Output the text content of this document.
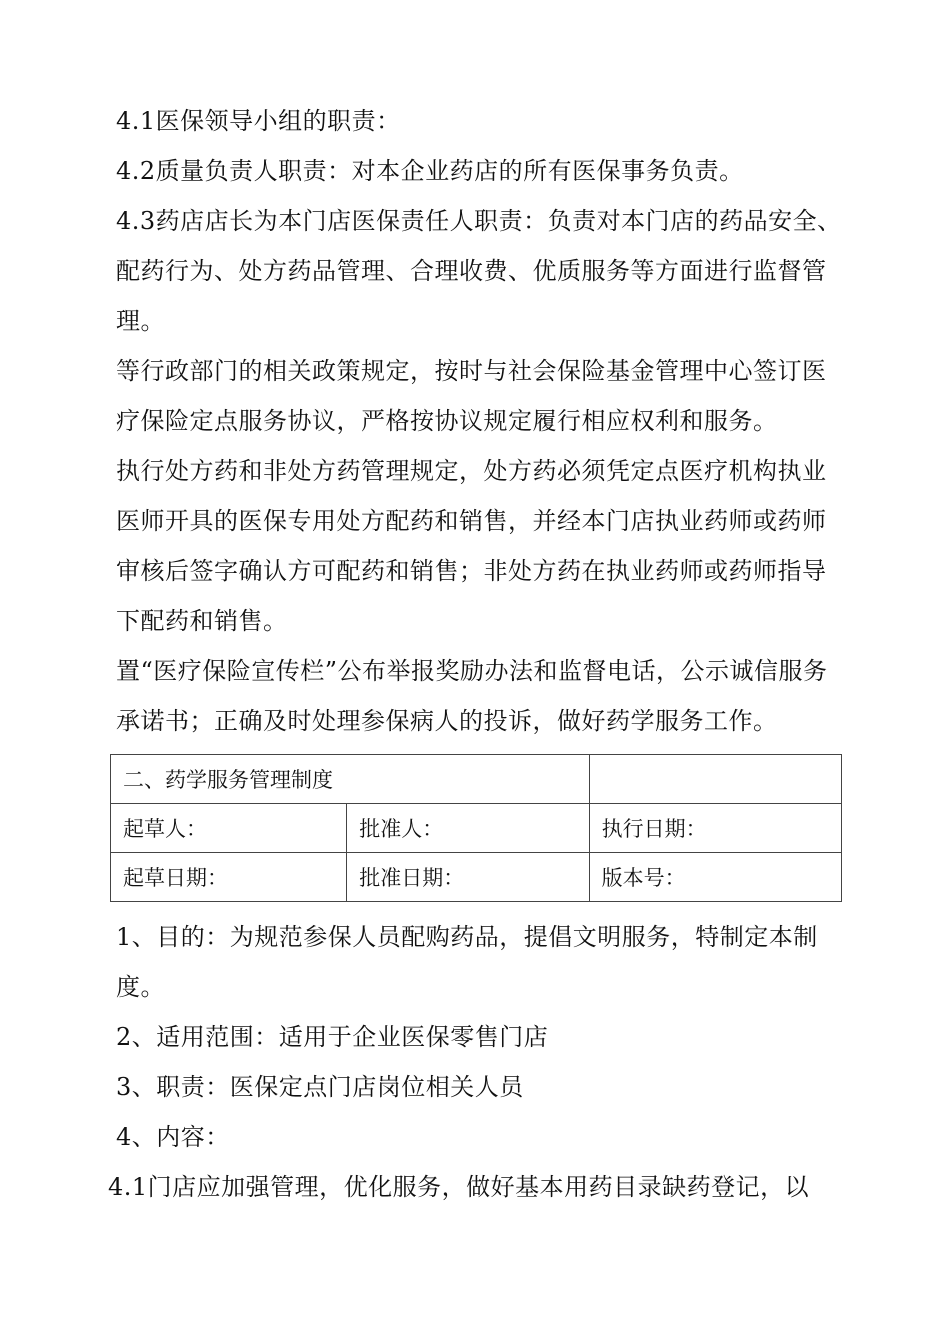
4.1医保领导小组的职责：

4.2质量负责人职责：对本企业药店的所有医保事务负责。

4.3药店店长为本门店医保责任人职责：负责对本门店的药品安全、配药行为、处方药品管理、合理收费、优质服务等方面进行监督管理。

等行政部门的相关政策规定，按时与社会保险基金管理中心签订医疗保险定点服务协议，严格按协议规定履行相应权利和服务。

执行处方药和非处方药管理规定，处方药必须凭定点医疗机构执业医师开具的医保专用处方配药和销售，并经本门店执业药师或药师审核后签字确认方可配药和销售；非处方药在执业药师或药师指导下配药和销售。

置“医疗保险宣传栏”公布举报奖励办法和监督电话，公示诚信服务承诺书；正确及时处理参保病人的投诉，做好药学服务工作。

二、药学服务管理制度		
起草人：	批准人：	执行日期：
起草日期：	批准日期：	版本号：

1、目的：为规范参保人员配购药品，提倡文明服务，特制定本制度。

2、适用范围：适用于企业医保零售门店

3、职责：医保定点门店岗位相关人员

4、内容：

4.1门店应加强管理，优化服务，做好基本用药目录缺药登记，以
